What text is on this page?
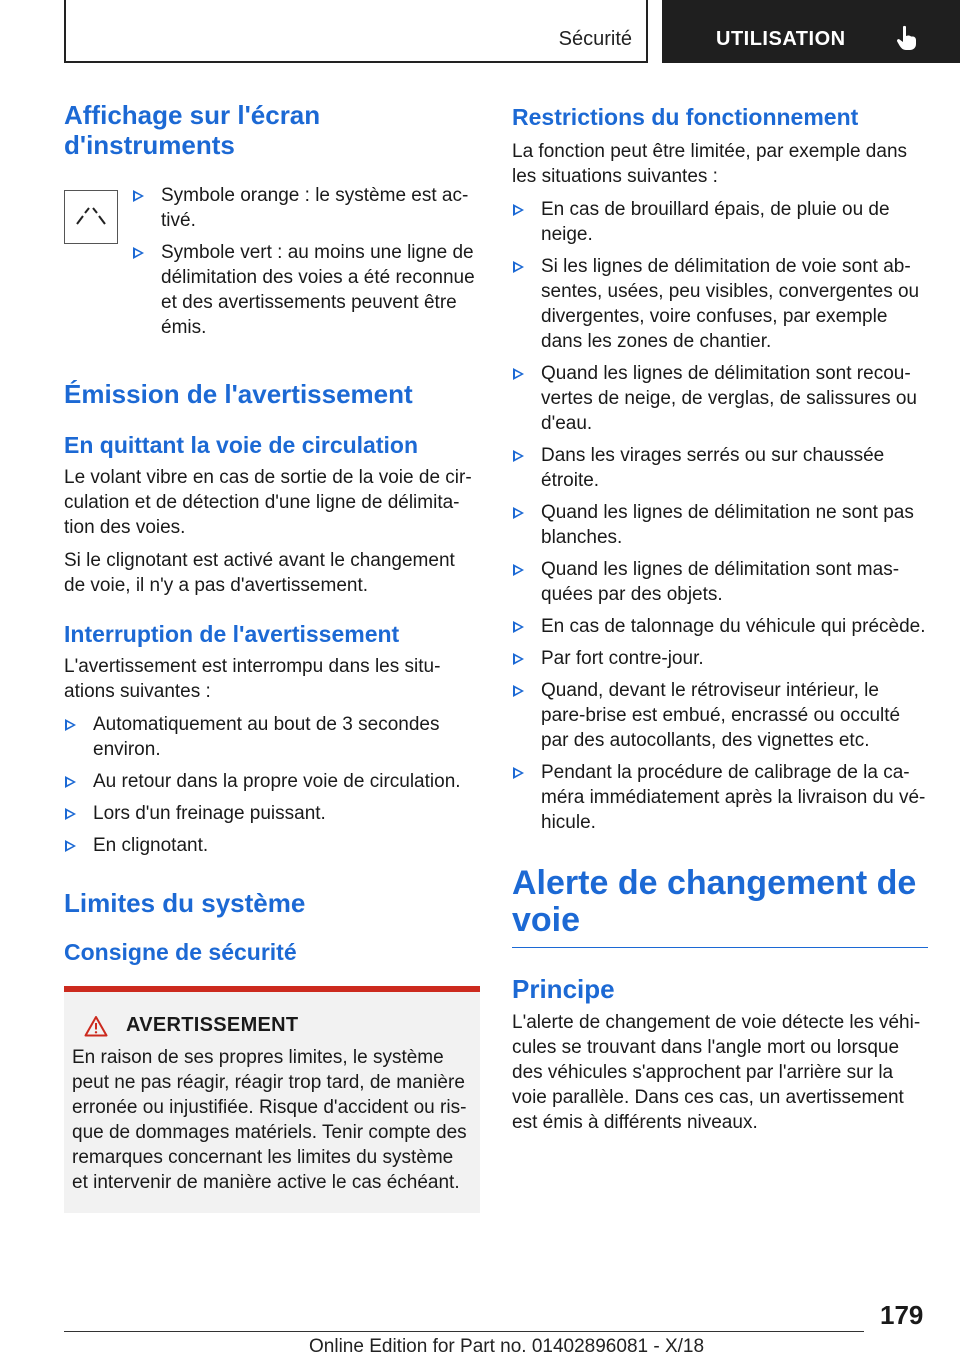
Sécurité	UTILISATION
Affichage sur l'écran d'instruments
Symbole orange : le système est ac-tivé.
Symbole vert : au moins une ligne de délimitation des voies a été reconnue et des avertissements peuvent être émis.
Émission de l'avertissement
En quittant la voie de circulation

Le volant vibre en cas de sortie de la voie de cir-culation et de détection d'une ligne de délimita-tion des voies.

Si le clignotant est activé avant le changement de voie, il n'y a pas d'avertissement.

Interruption de l'avertissement

L'avertissement est interrompu dans les situ-ations suivantes :

Automatiquement au bout de 3 secondes environ.
Au retour dans la propre voie de circulation.
Lors d'un freinage puissant.
En clignotant.
Limites du système
Consigne de sécurité
AVERTISSEMENT

En raison de ses propres limites, le système peut ne pas réagir, réagir trop tard, de manière erronée ou injustifiée. Risque d'accident ou ris-que de dommages matériels. Tenir compte des remarques concernant les limites du système et intervenir de manière active le cas échéant.

Restrictions du fonctionnement

La fonction peut être limitée, par exemple dans les situations suivantes :

En cas de brouillard épais, de pluie ou de neige.
Si les lignes de délimitation de voie sont ab-sentes, usées, peu visibles, convergentes ou divergentes, voire confuses, par exemple dans les zones de chantier.
Quand les lignes de délimitation sont recou-vertes de neige, de verglas, de salissures ou d'eau.
Dans les virages serrés ou sur chaussée étroite.
Quand les lignes de délimitation ne sont pas blanches.
Quand les lignes de délimitation sont mas-quées par des objets.
En cas de talonnage du véhicule qui précède.
Par fort contre-jour.
Quand, devant le rétroviseur intérieur, le pare-brise est embué, encrassé ou occulté par des autocollants, des vignettes etc.
Pendant la procédure de calibrage de la ca-méra immédiatement après la livraison du vé-hicule.
Alerte de changement de voie
Principe

L'alerte de changement de voie détecte les véhi-cules se trouvant dans l'angle mort ou lorsque des véhicules s'approchent par l'arrière sur la voie parallèle. Dans ces cas, un avertissement est émis à différents niveaux.

179
Online Edition for Part no. 01402896081 - X/18
